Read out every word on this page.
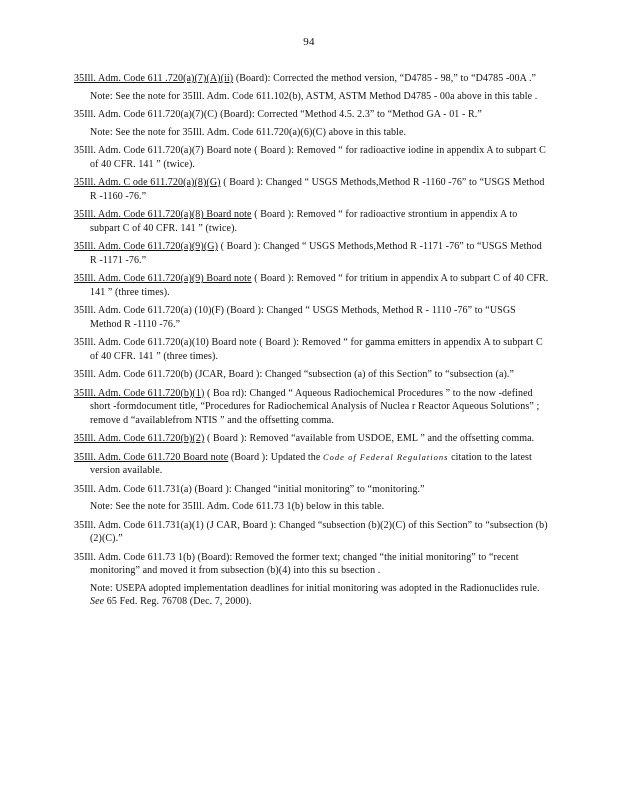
94

35Ill. Adm. Code 611 .720(a)(7)(A)(ii) (Board): Corrected the method version, “D4785 - 98,” to “D4785 -00A .”

Note: See the note for 35Ill. Adm. Code 611.102(b), ASTM, ASTM Method D4785 - 00a above in this table .

35Ill. Adm. Code 611.720(a)(7)(C) (Board): Corrected “Method 4.5. 2.3” to “Method GA - 01 - R.”

Note: See the note for 35Ill. Adm. Code 611.720(a)(6)(C) above in this table.

35Ill. Adm. Code 611.720(a)(7) Board note ( Board ): Removed “ for radioactive iodine in appendix A to subpart C of 40 CFR. 141 ” (twice).

35Ill. Adm. C ode 611.720(a)(8)(G) ( Board ): Changed “ USGS Methods,Method R -1160 -76” to “USGS Method R -1160 -76.”

35Ill. Adm. Code 611.720(a)(8) Board note ( Board ): Removed “ for radioactive strontium in appendix A to subpart C of 40 CFR. 141 ” (twice).

35Ill. Adm. Code 611.720(a)(9)(G) ( Board ): Changed “ USGS Methods,Method R -1171 -76” to “USGS Method R -1171 -76.”

35Ill. Adm. Code 611.720(a)(9) Board note ( Board ): Removed “ for tritium in appendix A to subpart C of 40 CFR. 141 ” (three times).

35Ill. Adm. Code 611.720(a) (10)(F) (Board ): Changed “ USGS Methods, Method R - 1110 -76” to “USGS Method R -1110 -76.”

35Ill. Adm. Code 611.720(a)(10) Board note ( Board ): Removed “ for gamma emitters in appendix A to subpart C of 40 CFR. 141 ” (three times).

35Ill. Adm. Code 611.720(b) (JCAR, Board ): Changed “subsection (a) of this Section” to “subsection (a).”

35Ill. Adm. Code 611.720(b)(1) ( Boa rd): Changed “ Aqueous Radiochemical Procedures ” to the now -defined short -formdocument title, “Procedures for Radiochemical Analysis of Nuclea r Reactor Aqueous Solutions” ; remove d “availablefrom NTIS ” and the offsetting comma.

35Ill. Adm. Code 611.720(b)(2) ( Board ): Removed “available from USDOE, EML ” and the offsetting comma.

35Ill. Adm. Code 611.720 Board note (Board ): Updated the Code of Federal Regulations citation to the latest version available.

35Ill. Adm. Code 611.731(a) (Board ): Changed “initial monitoring” to “monitoring.”

Note: See the note for 35Ill. Adm. Code 611.73 1(b) below in this table.

35Ill. Adm. Code 611.731(a)(1) (J CAR, Board ): Changed “subsection (b)(2)(C) of this Section” to “subsection (b)(2)(C).”

35Ill. Adm. Code 611.73 1(b) (Board): Removed the former text; changed “the initial monitoring” to “recent monitoring” and moved it from subsection (b)(4) into this su bsection .

Note: USEPA adopted implementation deadlines for initial monitoring was adopted in the Radionuclides rule. See 65 Fed. Reg. 76708 (Dec. 7, 2000).
